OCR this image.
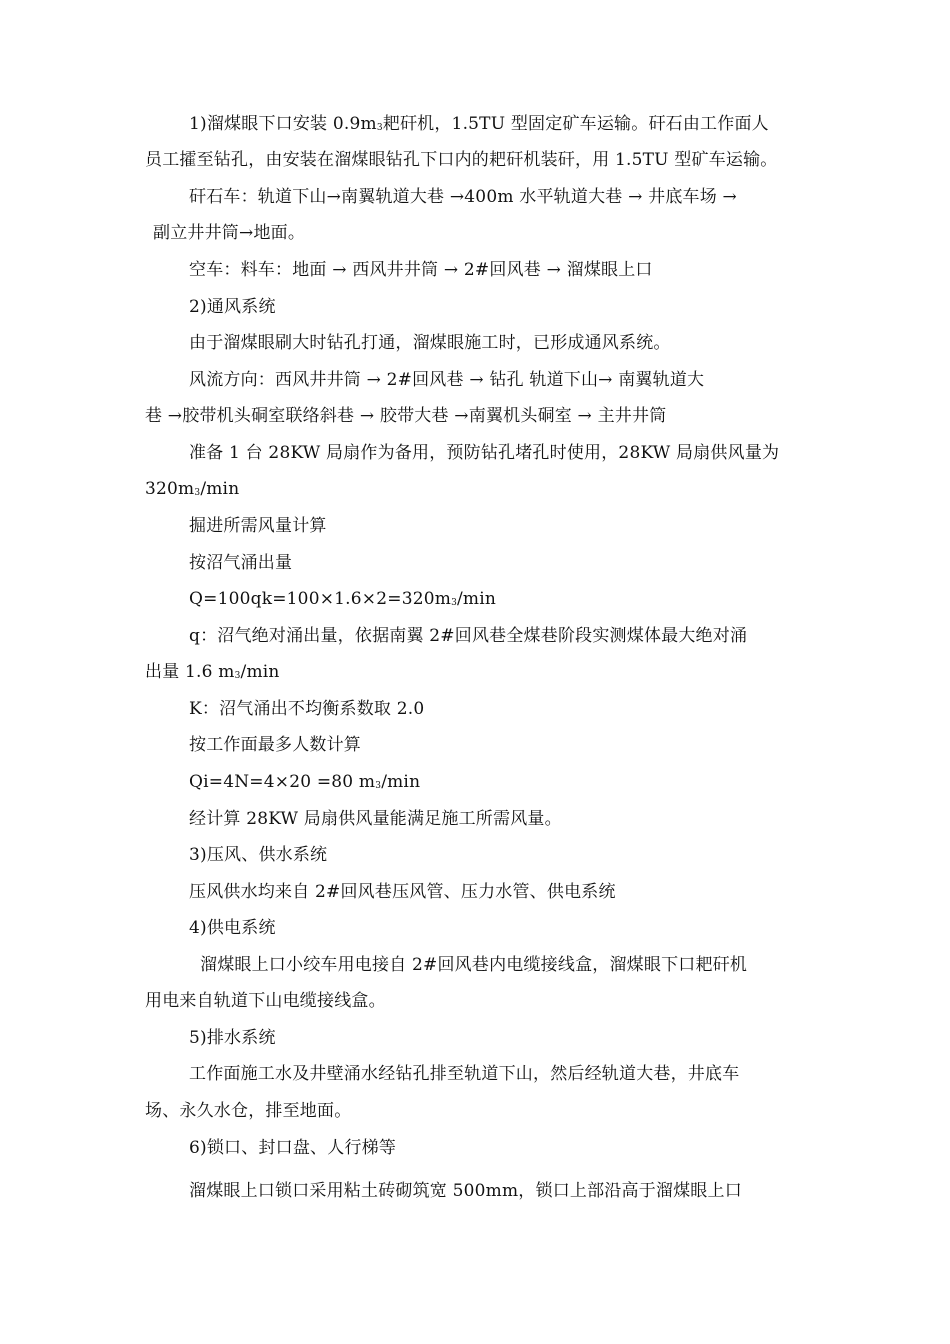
1)溜煤眼下口安装 $0.9m_3$耙矸机，1.5TU 型固定矿车运输。矸石由工作面人
员工攉至钻孔，由安装在溜煤眼钻孔下口内的耙矸机装矸，用 1.5TU 型矿车运输。
矸石车：轨道下山→南翼轨道大巷 →400m 水平轨道大巷 → 井底车场 →
副立井井筒→地面。
空车：料车：地面 → 西风井井筒 → 2#回风巷 → 溜煤眼上口
2)通风系统
由于溜煤眼刷大时钻孔打通，溜煤眼施工时，已形成通风系统。
风流方向：西风井井筒 → 2#回风巷 → 钻孔 轨道下山→ 南翼轨道大
巷 →胶带机头硐室联络斜巷 → 胶带大巷 →南翼机头硐室 → 主井井筒
准备 1 台 28KW 局扇作为备用，预防钻孔堵孔时使用，28KW 局扇供风量为
$320m_3/\min$
掘进所需风量计算
按沼气涌出量
$Q=100qk=100\times 1.6\times 2=320m_3/\min$
q：沼气绝对涌出量，依据南翼 2#回风巷全煤巷阶段实测煤体最大绝对涌
出量 1.6 $m_3/\min$
K：沼气涌出不均衡系数取 2.0
按工作面最多人数计算
Qi=4N=4×20 =80 $m_3/\min$
经计算 28KW 局扇供风量能满足施工所需风量。
3)压风、供水系统
压风供水均来自 2#回风巷压风管、压力水管、供电系统
4)供电系统
溜煤眼上口小绞车用电接自 2#回风巷内电缆接线盒，溜煤眼下口耙矸机
用电来自轨道下山电缆接线盒。
5)排水系统
工作面施工水及井壁涌水经钻孔排至轨道下山，然后经轨道大巷，井底车
场、永久水仓，排至地面。
6)锁口、封口盘、人行梯等
溜煤眼上口锁口采用粘土砖砌筑宽 500mm，锁口上部沿高于溜煤眼上口
